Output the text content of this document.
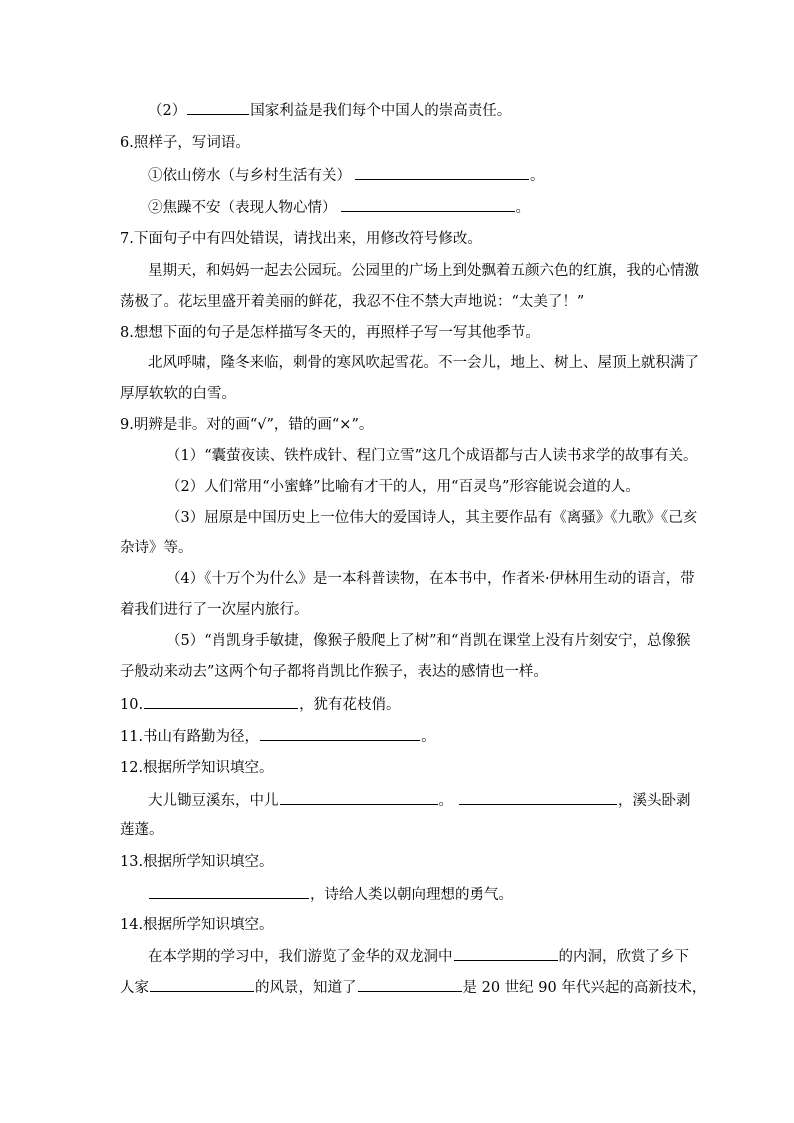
（2）	国家利益是我们每个中国人的崇高责任。
6.照样子，写词语。
①依山傍水（与乡村生活有关）	。
②焦躁不安（表现人物心情）	。
7.下面句子中有四处错误，请找出来，用修改符号修改。
星期天，和妈妈一起去公园玩。公园里的广场上到处飘着五颜六色的红旗，我的心情激
荡极了。花坛里盛开着美丽的鲜花，我忍不住不禁大声地说：“太美了！”
8.想想下面的句子是怎样描写冬天的，再照样子写一写其他季节。
北风呼啸，隆冬来临，刺骨的寒风吹起雪花。不一会儿，地上、树上、屋顶上就积满了
厚厚软软的白雪。
9.明辨是非。对的画“√”，错的画“×”。
（1）“囊萤夜读、铁杵成针、程门立雪”这几个成语都与古人读书求学的故事有关。
（2）人们常用“小蜜蜂”比喻有才干的人，用“百灵鸟”形容能说会道的人。
（3）屈原是中国历史上一位伟大的爱国诗人，其主要作品有《离骚》《九歌》《己亥
杂诗》等。
（4）《十万个为什么》是一本科普读物，在本书中，作者米·伊林用生动的语言，带
着我们进行了一次屋内旅行。
（5）“肖凯身手敏捷，像猴子般爬上了树”和“肖凯在课堂上没有片刻安宁，总像猴
子般动来动去”这两个句子都将肖凯比作猴子，表达的感情也一样。
10.	，犹有花枝俏。
11.书山有路勤为径，	。
12.根据所学知识填空。
大儿锄豆溪东，中儿	。	，溪头卧剥
莲蓬。
13.根据所学知识填空。
，诗给人类以朝向理想的勇气。
14.根据所学知识填空。
在本学期的学习中，我们游览了金华的双龙洞中	的内洞，欣赏了乡下
人家	的风景，知道了	是 20 世纪 90 年代兴起的高新技术，
